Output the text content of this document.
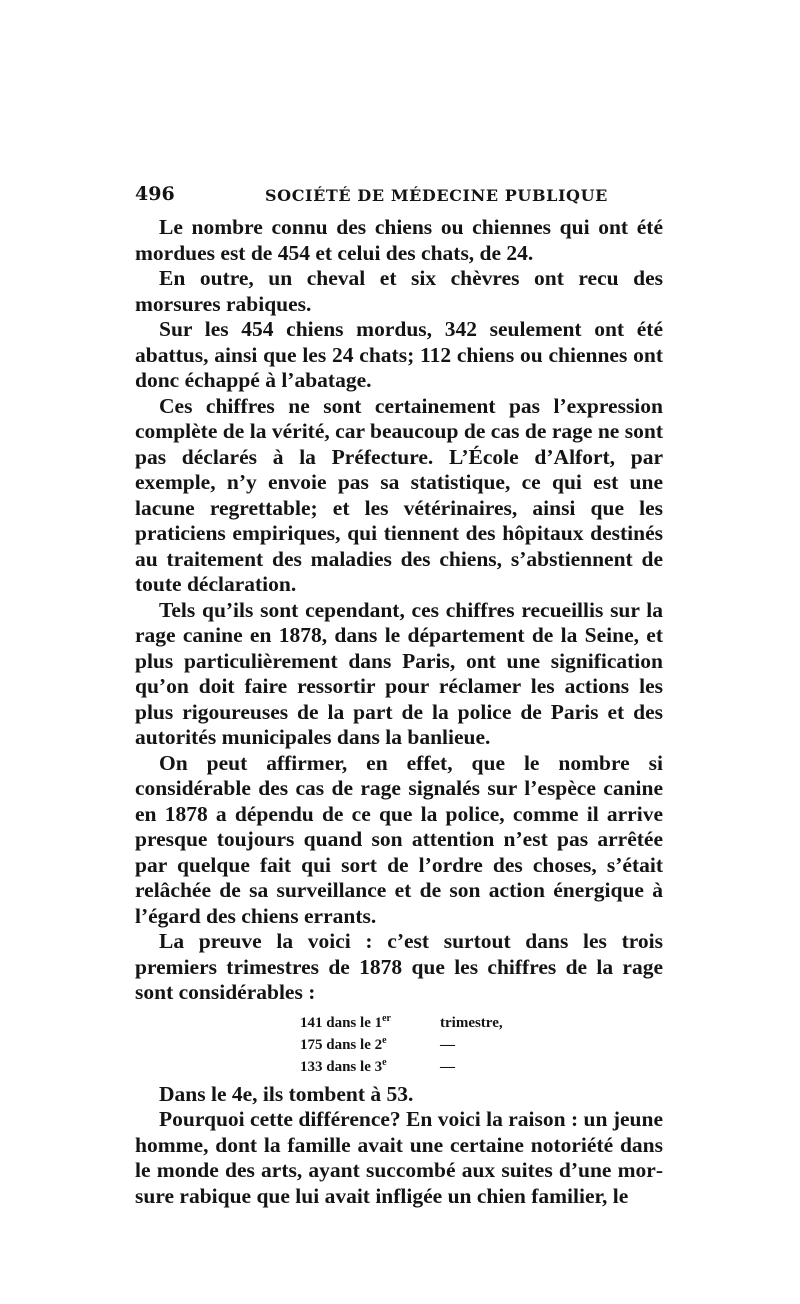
496	SOCIÉTÉ DE MÉDECINE PUBLIQUE

Le nombre connu des chiens ou chiennes qui ont été mordues est de 454 et celui des chats, de 24.

En outre, un cheval et six chèvres ont recu des morsures rabiques.

Sur les 454 chiens mordus, 342 seulement ont été abattus, ainsi que les 24 chats; 112 chiens ou chiennes ont donc échappé à l’abatage.

Ces chiffres ne sont certainement pas l’expression complète de la vérité, car beaucoup de cas de rage ne sont pas déclarés à la Préfecture. L’École d’Alfort, par exemple, n’y envoie pas sa statistique, ce qui est une lacune regrettable; et les vétérinaires, ainsi que les praticiens empiriques, qui tiennent des hôpitaux destinés au traitement des maladies des chiens, s’abstiennent de toute déclaration.

Tels qu’ils sont cependant, ces chiffres recueillis sur la rage canine en 1878, dans le département de la Seine, et plus particulièrement dans Paris, ont une signification qu’on doit faire ressortir pour réclamer les actions les plus rigoureuses de la part de la police de Paris et des autorités municipales dans la banlieue.

On peut affirmer, en effet, que le nombre si considérable des cas de rage signalés sur l’espèce canine en 1878 a dépendu de ce que la police, comme il arrive presque toujours quand son attention n’est pas arrêtée par quelque fait qui sort de l’ordre des choses, s’était relâchée de sa surveillance et de son action énergique à l’égard des chiens errants.

La preuve la voici : c’est surtout dans les trois premiers trimestres de 1878 que les chiffres de la rage sont considérables :

141 dans le 1er	trimestre,
175 dans le 2e	—
133 dans le 3e	—

Dans le 4e, ils tombent à 53.

Pourquoi cette différence? En voici la raison : un jeune homme, dont la famille avait une certaine notoriété dans le monde des arts, ayant succombé aux suites d’une morsure rabique que lui avait infligée un chien familier, le
